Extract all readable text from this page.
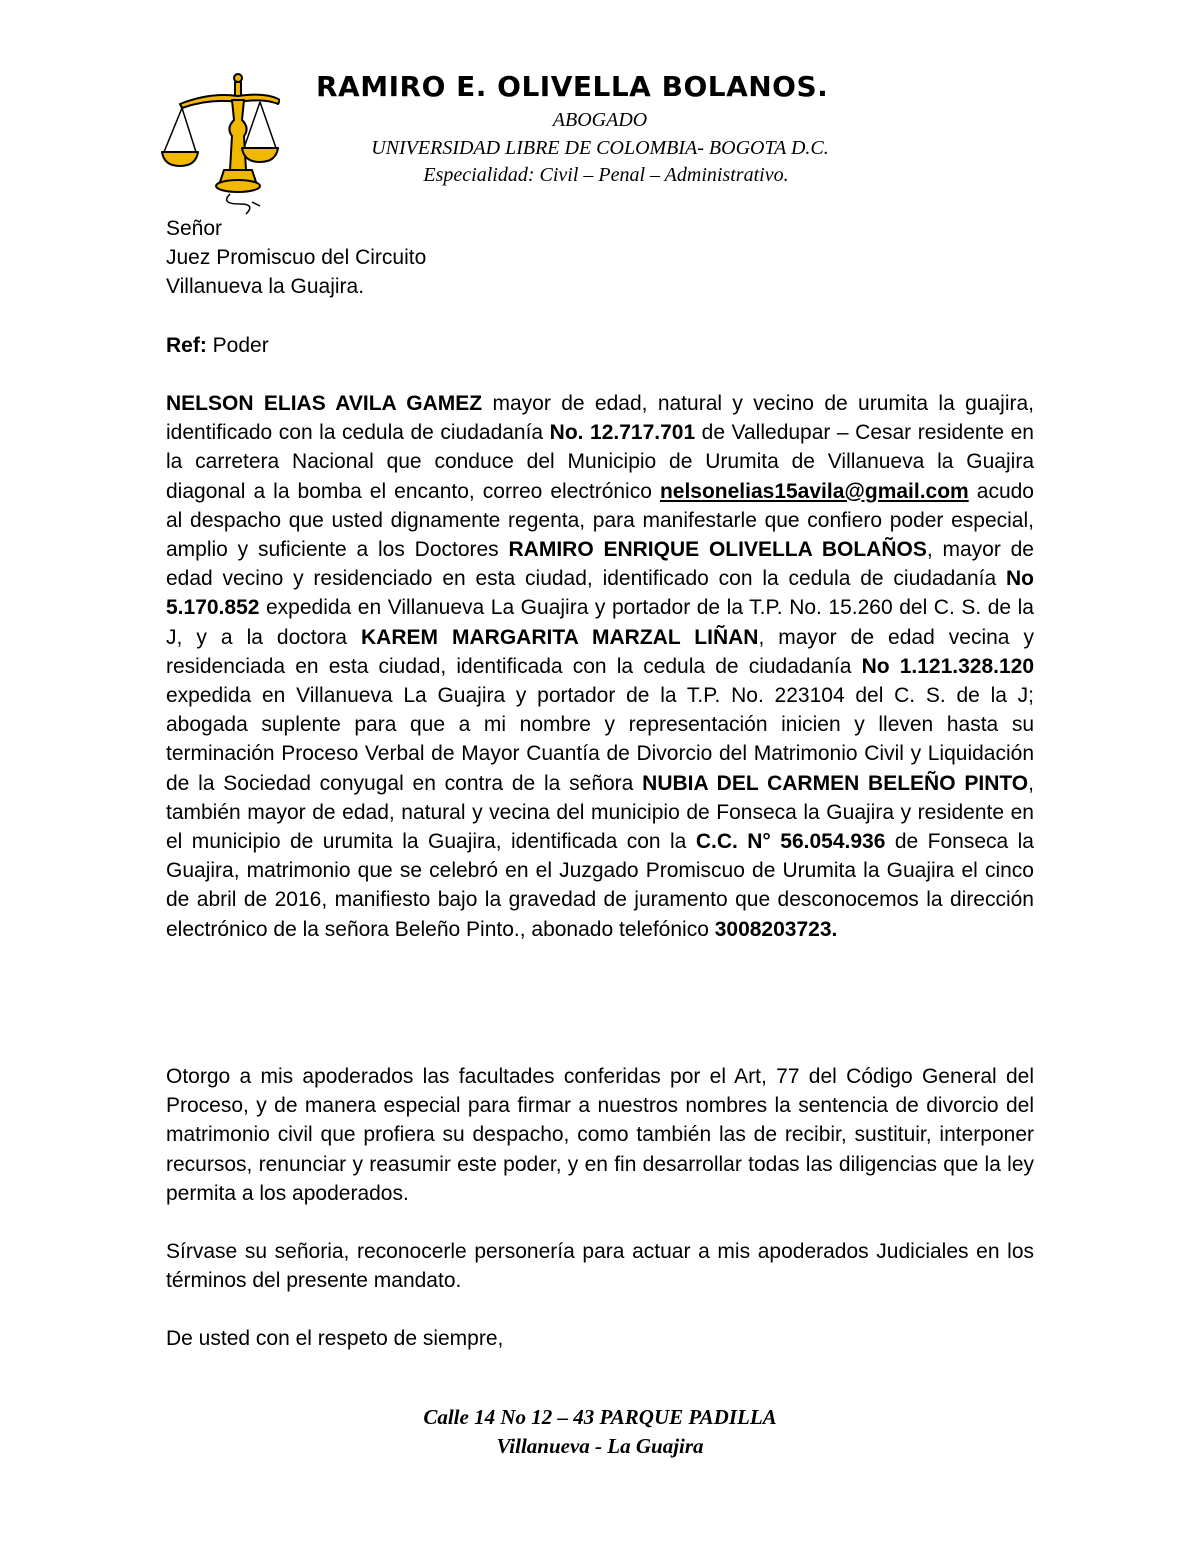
RAMIRO E. OLIVELLA BOLANOS.
ABOGADO
UNIVERSIDAD LIBRE DE COLOMBIA- BOGOTA D.C.
Especialidad: Civil – Penal – Administrativo.

Señor

Juez Promiscuo del Circuito

Villanueva la Guajira.

Ref: Poder

NELSON ELIAS AVILA GAMEZ mayor de edad, natural y vecino de urumita la guajira, identificado con la cedula de ciudadanía No. 12.717.701 de Valledupar – Cesar residente en la carretera Nacional que conduce del Municipio de Urumita de Villanueva la Guajira diagonal a la bomba el encanto, correo electrónico nelsonelias15avila@gmail.com acudo al despacho que usted dignamente regenta, para manifestarle que confiero poder especial, amplio y suficiente a los Doctores RAMIRO ENRIQUE OLIVELLA BOLAÑOS, mayor de edad vecino y residenciado en esta ciudad, identificado con la cedula de ciudadanía No 5.170.852 expedida en Villanueva La Guajira y portador de la T.P. No. 15.260 del C. S. de la J, y a la doctora KAREM MARGARITA MARZAL LIÑAN, mayor de edad vecina y residenciada en esta ciudad, identificada con la cedula de ciudadanía No 1.121.328.120 expedida en Villanueva La Guajira y portador de la T.P. No. 223104 del C. S. de la J; abogada suplente para que a mi nombre y representación inicien y lleven hasta su terminación Proceso Verbal de Mayor Cuantía de Divorcio del Matrimonio Civil y Liquidación de la Sociedad conyugal en contra de la señora NUBIA DEL CARMEN BELEÑO PINTO, también mayor de edad, natural y vecina del municipio de Fonseca la Guajira y residente en el municipio de urumita la Guajira, identificada con la C.C. N° 56.054.936 de Fonseca la Guajira, matrimonio que se celebró en el Juzgado Promiscuo de Urumita la Guajira el cinco de abril de 2016, manifiesto bajo la gravedad de juramento que desconocemos la dirección electrónico de la señora Beleño Pinto., abonado telefónico 3008203723.

Otorgo a mis apoderados las facultades conferidas por el Art, 77 del Código General del Proceso, y de manera especial para firmar a nuestros nombres la sentencia de divorcio del matrimonio civil que profiera su despacho, como también las de recibir, sustituir, interponer recursos, renunciar y reasumir este poder, y en fin desarrollar todas las diligencias que la ley permita a los apoderados.

Sírvase su señoria, reconocerle personería para actuar a mis apoderados Judiciales en los términos del presente mandato.

De usted con el respeto de siempre,

Calle 14 No 12 – 43 PARQUE PADILLA

Villanueva - La Guajira
